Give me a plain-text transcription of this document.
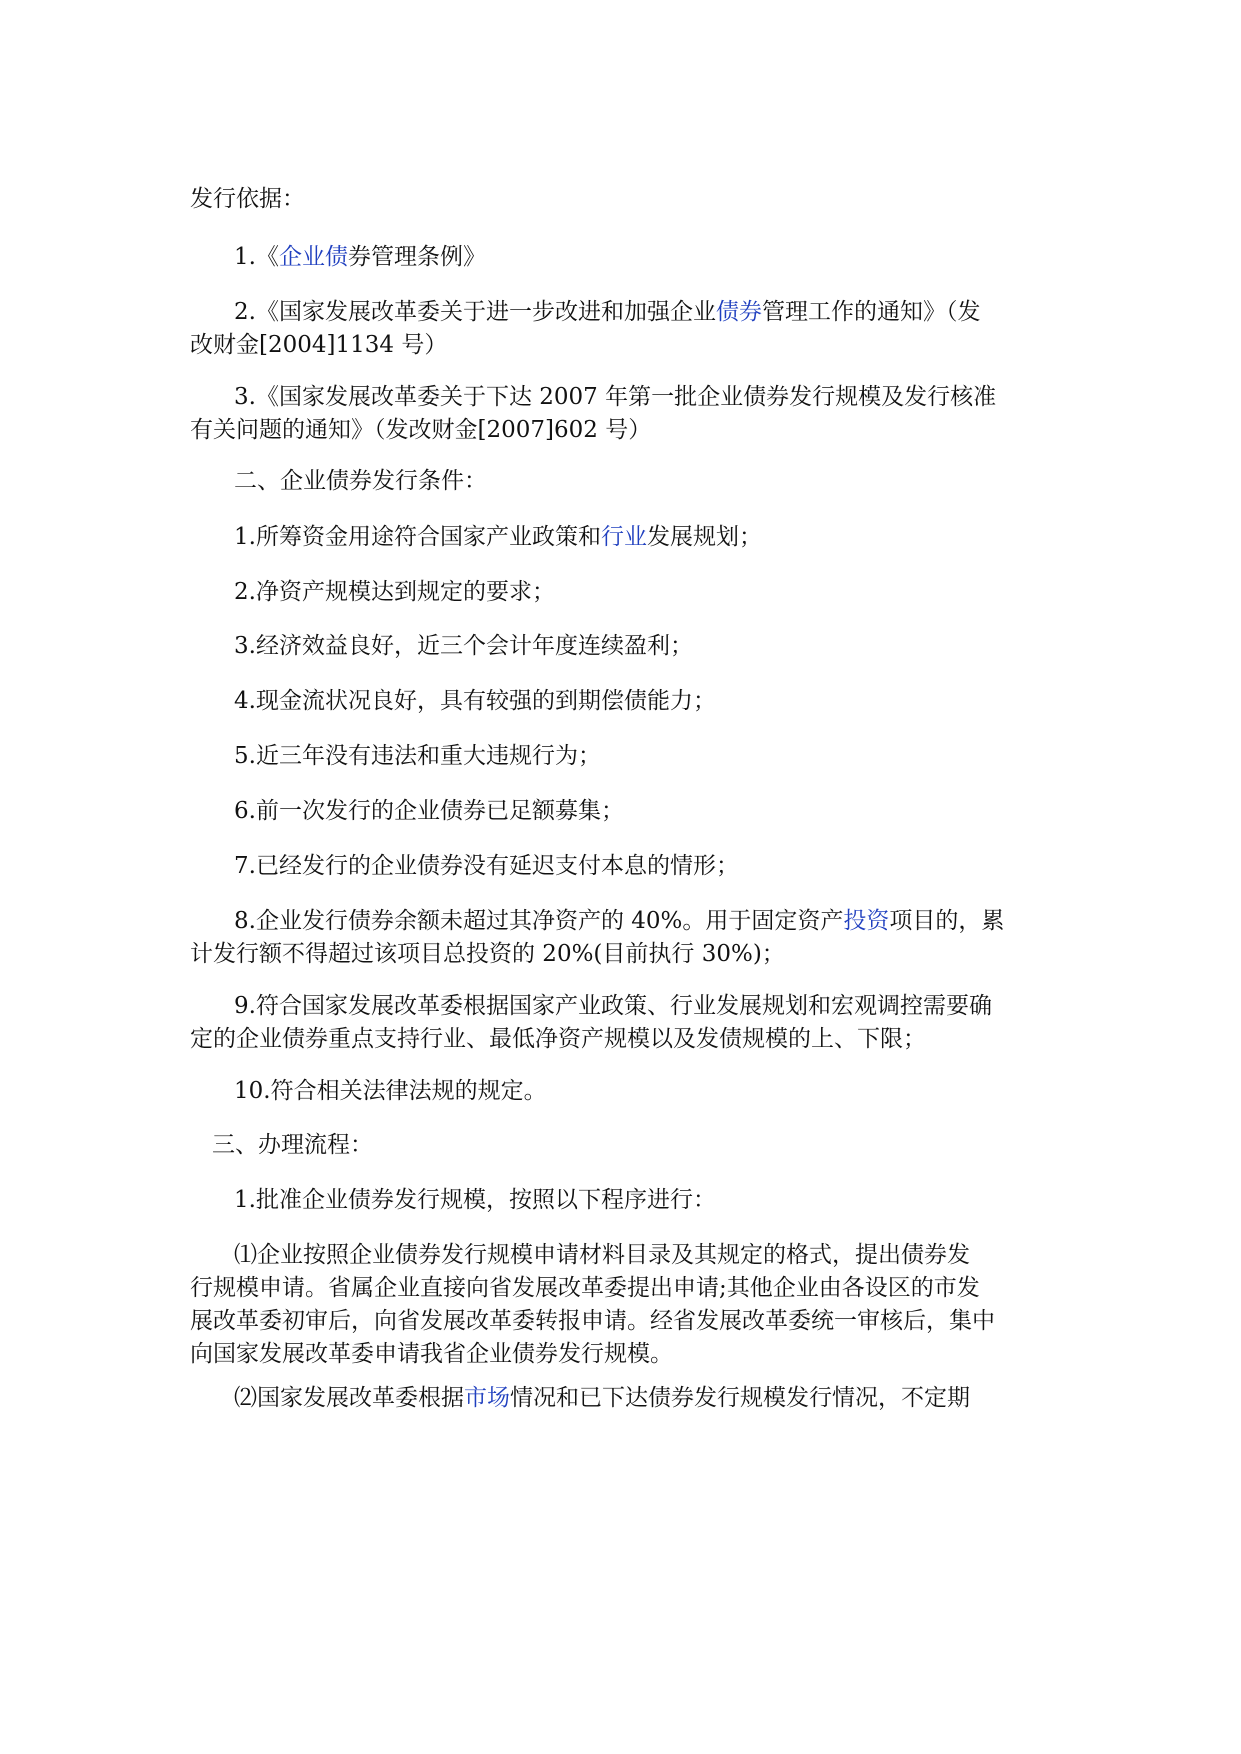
发行依据：
1.《企业债券管理条例》
2.《国家发展改革委关于进一步改进和加强企业债券管理工作的通知》（发
改财金[2004]1134 号）
3.《国家发展改革委关于下达 2007 年第一批企业债券发行规模及发行核准
有关问题的通知》（发改财金[2007]602 号）
二、企业债券发行条件：
1.所筹资金用途符合国家产业政策和行业发展规划；
2.净资产规模达到规定的要求；
3.经济效益良好，近三个会计年度连续盈利；
4.现金流状况良好，具有较强的到期偿债能力；
5.近三年没有违法和重大违规行为；
6.前一次发行的企业债券已足额募集；
7.已经发行的企业债券没有延迟支付本息的情形；
8.企业发行债券余额未超过其净资产的 40%。用于固定资产投资项目的，累
计发行额不得超过该项目总投资的 20%(目前执行 30%)；
9.符合国家发展改革委根据国家产业政策、行业发展规划和宏观调控需要确
定的企业债券重点支持行业、最低净资产规模以及发债规模的上、下限；
10.符合相关法律法规的规定。
三、办理流程：
1.批准企业债券发行规模，按照以下程序进行：
⑴企业按照企业债券发行规模申请材料目录及其规定的格式，提出债券发
行规模申请。省属企业直接向省发展改革委提出申请;其他企业由各设区的市发
展改革委初审后，向省发展改革委转报申请。经省发展改革委统一审核后，集中
向国家发展改革委申请我省企业债券发行规模。
⑵国家发展改革委根据市场情况和已下达债券发行规模发行情况，不定期
